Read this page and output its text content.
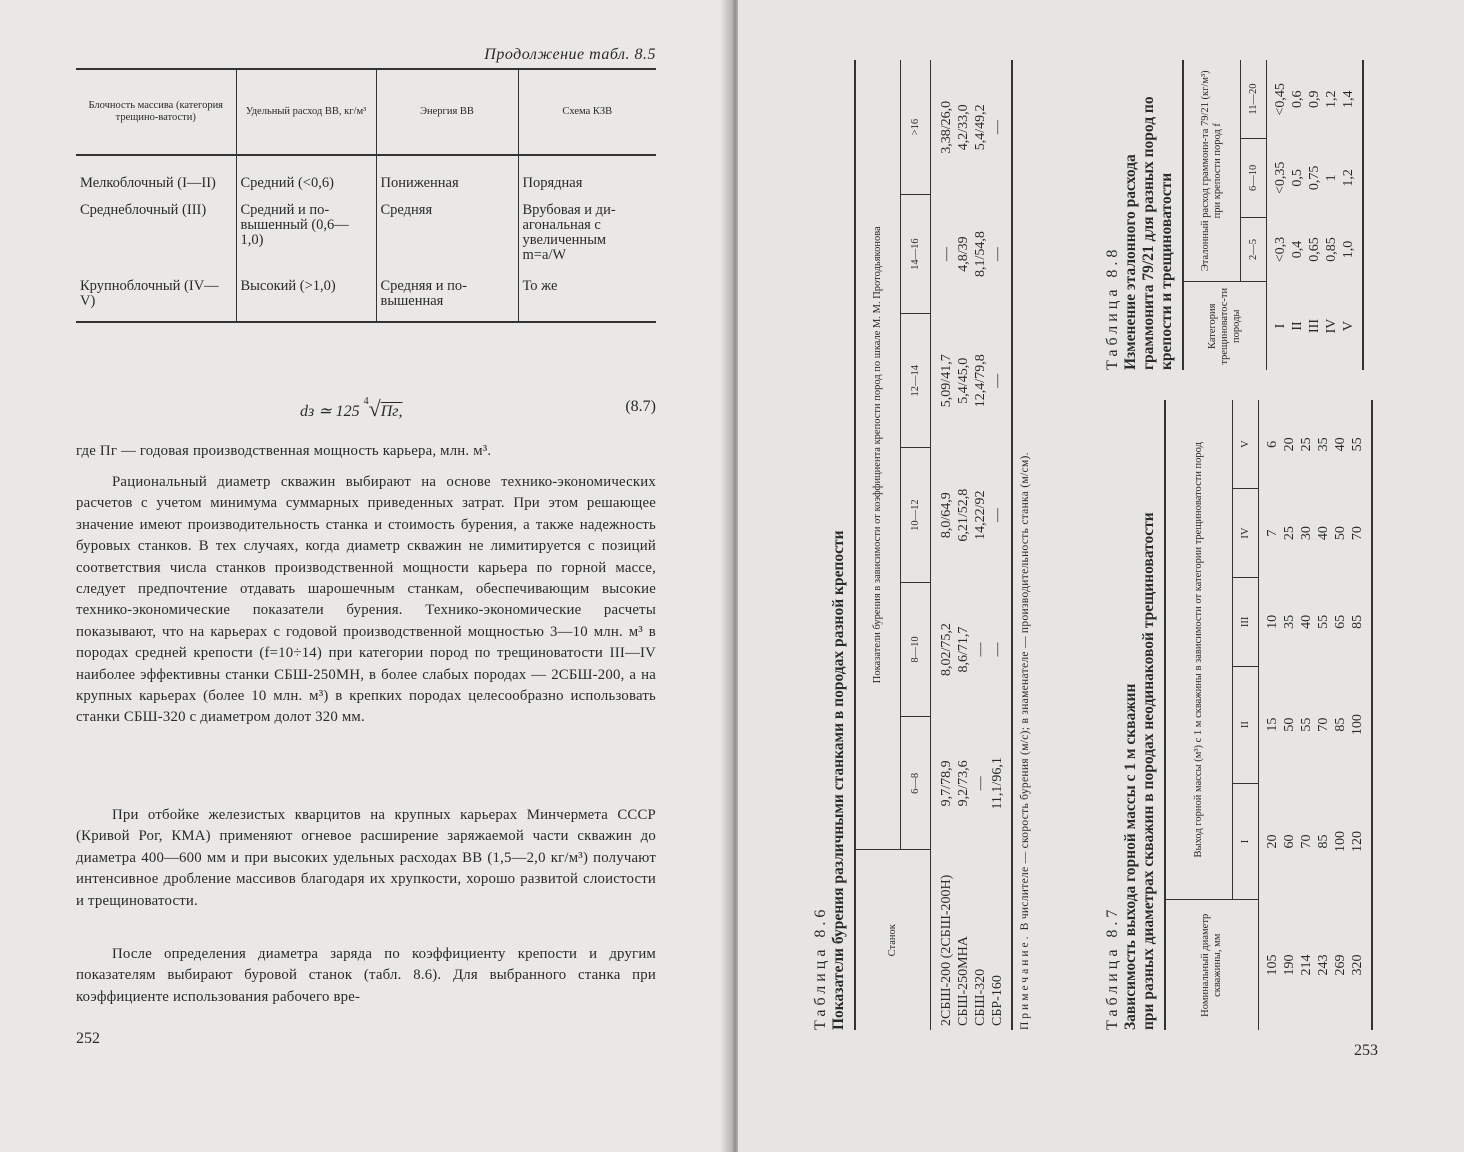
Продолжение табл. 8.5
Блочность массива (категория трещино-ватости)	Удельный расход ВВ, кг/м³	Энергия ВВ	Схема КЗВ
Мелкоблочный (I—II)	Средний (<0,6)	Пониженная	Порядная
Среднеблочный (III)	Средний и по-вышенный (0,6—1,0)	Средняя	Врубовая и ди-агональная с увеличенным m=a/W
Крупноблочный (IV—V)	Высокий (>1,0)	Средняя и по-вышенная	То же
dз ≃ 125 $^4$√Пг,	(8.7)

где Пг — годовая производственная мощность карьера, млн. м³.

Рациональный диаметр скважин выбирают на основе технико-экономических расчетов с учетом минимума суммарных приведенных затрат. При этом решающее значение имеют производительность станка и стоимость бурения, а также надежность буровых станков. В тех случаях, когда диаметр скважин не лимитируется с позиций соответствия числа станков производственной мощности карьера по горной массе, следует предпочтение отдавать шарошечным станкам, обеспечивающим высокие технико-экономические показатели бурения. Технико-экономические расчеты показывают, что на карьерах с годовой производственной мощностью 3—10 млн. м³ в породах средней крепости (f=10÷14) при категории пород по трещиноватости III—IV наиболее эффективны станки СБШ-250МН, в более слабых породах — 2СБШ-200, а на крупных карьерах (более 10 млн. м³) в крепких породах целесообразно использовать станки СБШ-320 с диаметром долот 320 мм.

При отбойке железистых кварцитов на крупных карьерах Минчермета СССР (Кривой Рог, КМА) применяют огневое расширение заряжаемой части скважин до диаметра 400—600 мм и при высоких удельных расходах ВВ (1,5—2,0 кг/м³) получают интенсивное дробление массивов благодаря их хрупкости, хорошо развитой слоистости и трещиноватости.

После определения диаметра заряда по коэффициенту крепости и другим показателям выбирают буровой станок (табл. 8.6). Для выбранного станка при коэффициенте использования рабочего вре-

252
Таблица 8.6 Показатели бурения различными станками в породах разной крепости	Станок	Показатели бурения в зависимости от коэффициента крепости пород по шкале М. М. Протодьяконова					
	6—8	8—10	10—12	12—14	14—16	>16
2СБШ-200 (2СБШ-200Н)	9,7/78,9	8,02/75,2	8,0/64,9	5,09/41,7	—	3,38/26,0
СБШ-250МНА	9,2/73,6	8,6/71,7	6,21/52,8	5,4/45,0	4,8/39	4,2/33,0
СБШ-320	—	—	14,22/92	12,4/79,8	8,1/54,8	5,4/49,2
СБР-160	11,1/96,1	—	—	—	—	—
Примечание. В числителе — скорость бурения (м/с); в знаменателе — производительность станка (м/см).
Таблица 8.7 Зависимость выхода горной массы с 1 м скважин при разных диаметрах скважин в породах неодинаковой трещиноватости	Номинальный диаметр скважины, мм	Выход горной массы (м³) с 1 м скважины в зависимости от категории трещиноватости пород				
	I	II	III	IV	V
105	20	15	10	7	6
190	60	50	35	25	20
214	70	55	40	30	25
243	85	70	55	40	35
269	100	85	65	50	40
320	120	100	85	70	55
Таблица 8.8 Изменение эталонного расхода граммонита 79/21 для разных пород по крепости и трещиноватости	Категория трещиноватос-ти породы	Эталонный расход граммони-та 79/21 (кг/м³) при крепости пород f		
	2—5	6—10	11—20
I	<0,3	<0,35	<0,45
II	0,4	0,5	0,6
III	0,65	0,75	0,9
IV	0,85	1	1,2
V	1,0	1,2	1,4
253
